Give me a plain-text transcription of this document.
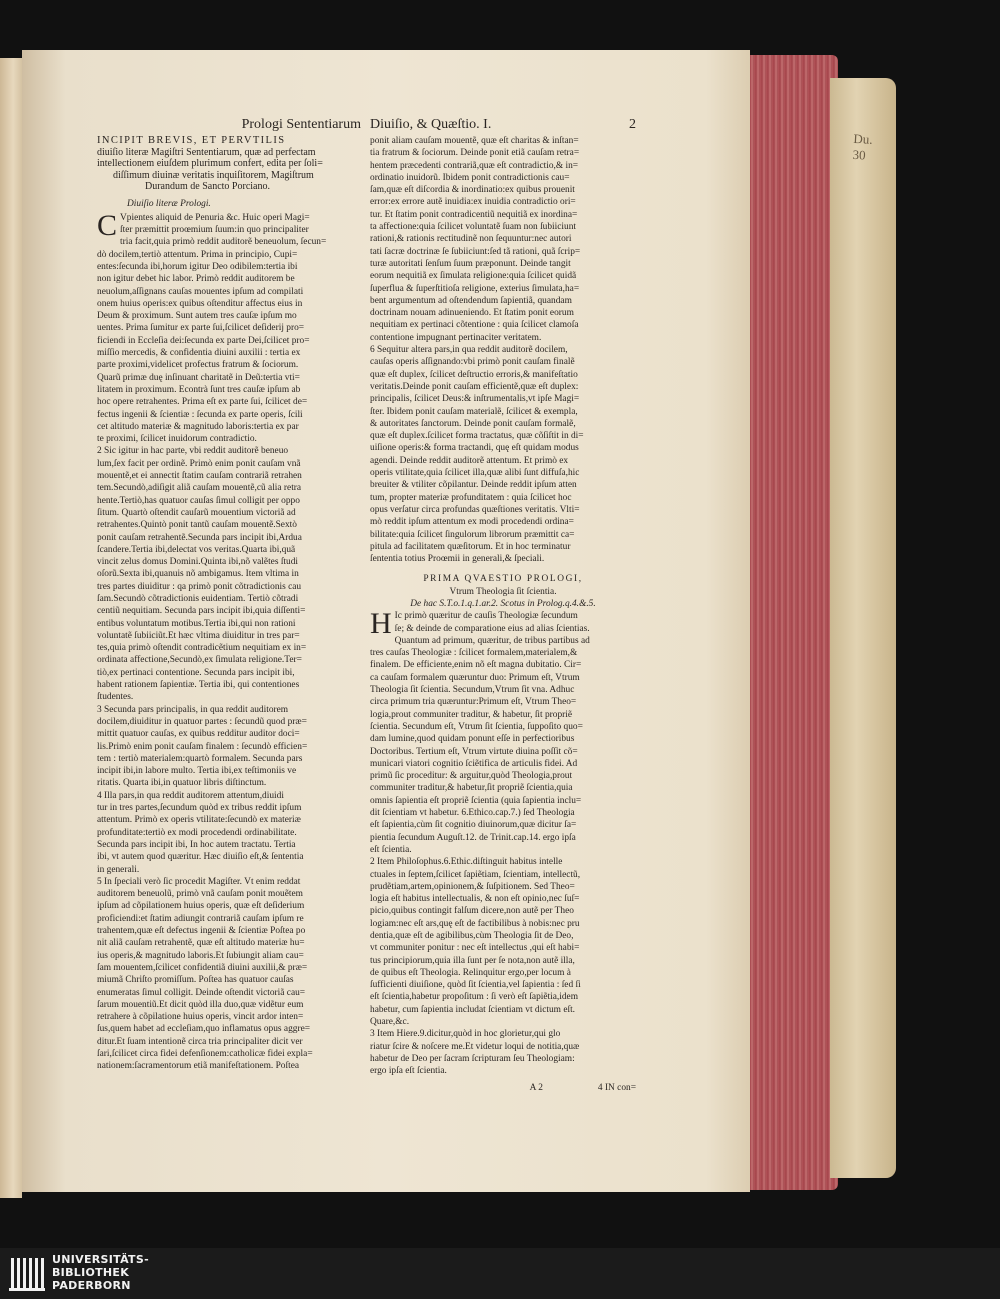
Du.
30
Prologi Sententiarum
INCIPIT BREVIS, ET PERVTILIS
diuiſio literæ Magiſtri Sententiarum, quæ ad perfectam
intellectionem eiuſdem plurimum confert, edita per ſoli=
diſſimum diuinæ veritatis inquiſitorem, Magiſtrum
Durandum de Sancto Porciano.
Diuiſio literæ Prologi.
C Vpientes aliquid de Penuria &c. Huic operi Magi=
ſter præmittit proœmium ſuum:in quo principaliter
tria facit,quia primò reddit auditorẽ beneuolum, ſecun=
dò docilem,tertiò attentum. Prima in principio, Cupi=
entes:ſecunda ibi,horum igitur Deo odibilem:tertia ibi
non igitur debet hic labor. Primò reddit auditorem be
neuolum,aſſignans cauſas mouentes ipſum ad compilati
onem huius operis:ex quibus oſtenditur affectus eius in
Deum & proximum. Sunt autem tres cauſæ ipſum mo
uentes. Prima ſumitur ex parte ſui,ſcilicet deſiderij pro=
ficiendi in Eccleſia dei:ſecunda ex parte Dei,ſcilicet pro=
miſſio mercedis, & confidentia diuini auxilii : tertia ex
parte proximi,videlicet profectus fratrum & ſociorum.
Quarũ primæ duę inſinuant charitatẽ in Deũ:tertia vti=
litatem in proximum. Econtrà ſunt tres cauſæ ipſum ab
hoc opere retrahentes. Prima eſt ex parte ſui, ſcilicet de=
fectus ingenii & ſcientiæ : ſecunda ex parte operis, ſcili
cet altitudo materiæ & magnitudo laboris:tertia ex par
te proximi, ſcilicet inuidorum contradictio.
2 Sic igitur in hac parte, vbi reddit auditorẽ beneuo
lum,ſex facit per ordinẽ. Primò enim ponit cauſam vnã
mouentẽ,et ei annectit ſtatim cauſam contrariã retrahen
tem.Secundò,adiſigit aliã cauſam mouentẽ,cũ alia retra
hente.Tertiò,has quatuor cauſas ſimul colligit per oppo
ſitum. Quartò oſtendit cauſarũ mouentium victoriã ad
retrahentes.Quintò ponit tantũ cauſam mouentẽ.Sextò
ponit cauſam retrahentẽ.Secunda pars incipit ibi,Ardua
ſcandere.Tertia ibi,delectat vos veritas.Quarta ibi,quã
vincit zelus domus Domini.Quinta ibi,nõ valẽtes ſtudi
oſorũ.Sexta ibi,quanuis nõ ambigamus. Item vltima in
tres partes diuiditur : qa primò ponit cõtradictionis cau
ſam.Secundò cõtradictionis euidentiam. Tertiò cõtradi
centiũ nequitiam. Secunda pars incipit ibi,quia diſſenti=
entibus voluntatum motibus.Tertia ibi,qui non rationi
voluntatẽ ſubiiciũt.Et hæc vltima diuiditur in tres par=
tes,quia primò oſtendit contradicẽtium nequitiam ex in=
ordinata affectione,Secundò,ex ſimulata religione.Ter=
tiò,ex pertinaci contentione. Secunda pars incipit ibi,
habent rationem ſapientiæ. Tertia ibi, qui contentiones
ſtudentes.
3 Secunda pars principalis, in qua reddit auditorem
docilem,diuiditur in quatuor partes : ſecundũ quod præ=
mittit quatuor cauſas, ex quibus redditur auditor doci=
lis.Primò enim ponit cauſam finalem : ſecundò efficien=
tem : tertiò materialem:quartò formalem. Secunda pars
incipit ibi,in labore multo. Tertia ibi,ex teſtimoniis ve
ritatis. Quarta ibi,in quatuor libris diſtinctum.
4 Illa pars,in qua reddit auditorem attentum,diuidi
tur in tres partes,ſecundum quòd ex tribus reddit ipſum
attentum. Primò ex operis vtilitate:ſecundò ex materiæ
profunditate:tertiò ex modi procedendi ordinabilitate.
Secunda pars incipit ibi, In hoc autem tractatu. Tertia
ibi, vt autem quod quæritur. Hæc diuiſio eſt,& ſententia
in generali.
5 In ſpeciali verò ſic procedit Magiſter. Vt enim reddat
auditorem beneuolũ, primò vnã cauſam ponit mouẽtem
ipſum ad cõpilationem huius operis, quæ eſt deſiderium
proficiendi:et ſtatim adiungit contrariã cauſam ipſum re
trahentem,quæ eſt defectus ingenii & ſcientiæ Poſtea po
nit aliã cauſam retrahentẽ, quæ eſt altitudo materiæ hu=
ius operis,& magnitudo laboris.Et ſubiungit aliam cau=
ſam mouentem,ſcilicet confidentiã diuini auxilii,& præ=
miumã Chriſto promiſſum. Poſtea has quatuor cauſas
enumeratas ſimul colligit. Deinde oſtendit victoriã cau=
ſarum mouentiũ.Et dicit quòd illa duo,quæ vidẽtur eum
retrahere à cõpilatione huius operis, vincit ardor inten=
ſus,quem habet ad eccleſiam,quo inflamatus opus aggre=
ditur.Et ſuam intentionẽ circa tria principaliter dicit ver
ſari,ſcilicet circa fidei defenſionem:catholicæ fidei expla=
nationem:ſacramentorum etiã manifeſtationem. Poſtea
Diuiſio, & Quæſtio. I.	2
ponit aliam cauſam mouentẽ, quæ eſt charitas & inſtan=
tia fratrum & ſociorum. Deinde ponit etiã cauſam retra=
hentem præcedenti contrariã,quæ eſt contradictio,& in=
ordinatio inuidorũ. Ibidem ponit contradictionis cau=
ſam,quæ eſt diſcordia & inordinatio:ex quibus prouenit
error:ex errore autẽ inuidia:ex inuidia contradictio ori=
tur. Et ſtatim ponit contradicentiũ nequitiã ex inordina=
ta affectione:quia ſcilicet voluntatẽ ſuam non ſubiiciunt
rationi,& rationis rectitudinẽ non ſequuntur:nec autori
tati ſacræ doctrinæ ſe ſubiiciunt:ſed tã rationi, quã ſcrip=
turæ autoritati ſenſum ſuum præponunt. Deinde tangit
eorum nequitiã ex ſimulata religione:quia ſcilicet quidã
ſuperflua & ſuperſtitioſa religione, exterius ſimulata,ha=
bent argumentum ad oſtendendum ſapientiã, quandam
doctrinam nouam adinueniendo. Et ſtatim ponit eorum
nequitiam ex pertinaci cõtentione : quia ſcilicet clamoſa
contentione impugnant pertinaciter veritatem.
6 Sequitur altera pars,in qua reddit auditorẽ docilem,
cauſas operis aſſignando:vbi primò ponit cauſam finalẽ
quæ eſt duplex, ſcilicet deſtructio erroris,& manifeſtatio
veritatis.Deinde ponit cauſam efficientẽ,quæ eſt duplex:
principalis, ſcilicet Deus:& inſtrumentalis,vt ipſe Magi=
ſter. Ibidem ponit cauſam materialẽ, ſcilicet & exempla,
& autoritates ſanctorum. Deinde ponit cauſam formalẽ,
quæ eſt duplex.ſcilicet forma tractatus, quæ cõſiſtit in di=
uiſione operis:& forma tractandi, quę eſt quidam modus
agendi. Deinde reddit auditorẽ attentum. Et primò ex
operis vtilitate,quia ſcilicet illa,quæ alibi ſunt diffuſa,hic
breuiter & vtiliter cõpilantur. Deinde reddit ipſum atten
tum, propter materiæ profunditatem : quia ſcilicet hoc
opus verſatur circa profundas quæſtiones veritatis. Vlti=
mò reddit ipſum attentum ex modi procedendi ordina=
bilitate:quia ſcilicet ſingulorum librorum præmittit ca=
pitula ad facilitatem quæſitorum. Et in hoc terminatur
ſententia totius Proœmii in generali,& ſpeciali.
PRIMA QVAESTIO PROLOGI,
Vtrum Theologia ſit ſcientia.
De hac S.T.o.1.q.1.ar.2. Scotus in Prolog.q.4.&.5.
H Ic primò quæritur de cauſis Theologiæ ſecundum
ſe; & deinde de comparatione eius ad alias ſcientias.
Quantum ad primum, quæritur, de tribus partibus ad
tres cauſas Theologiæ : ſcilicet formalem,materialem,&
finalem. De efficiente,enim nõ eſt magna dubitatio. Cir=
ca cauſam formalem quæruntur duo: Primum eſt, Vtrum
Theologia ſit ſcientia. Secundum,Vtrum ſit vna. Adhuc
circa primum tria quæruntur:Primum eſt, Vtrum Theo=
logia,prout communiter traditur, & habetur, ſit propriẽ
ſcientia. Secundum eſt, Vtrum ſit ſcientia, ſuppoſito quo=
dam lumine,quod quidam ponunt eſſe in perfectioribus
Doctoribus. Tertium eſt, Vtrum virtute diuina poſſit cõ=
municari viatori cognitio ſciẽtifica de articulis fidei. Ad
primũ ſic proceditur: & arguitur,quòd Theologia,prout
communiter traditur,& habetur,ſit propriẽ ſcientia,quia
omnis ſapientia eſt propriẽ ſcientia (quia ſapientia inclu=
dit ſcientiam vt habetur. 6.Ethico.cap.7.) ſed Theologia
eſt ſapientia,cùm ſit cognitio diuinorum,quæ dicitur ſa=
pientia ſecundum Auguſt.12. de Trinit.cap.14. ergo ipſa
eſt ſcientia.
2 Item Philoſophus.6.Ethic.diſtinguit habitus intelle
ctuales in ſeptem,ſcilicet ſapiẽtiam, ſcientiam, intellectũ,
prudẽtiam,artem,opinionem,& ſuſpitionem. Sed Theo=
logia eſt habitus intellectualis, & non eſt opinio,nec ſuſ=
picio,quibus contingit falſum dicere,non autẽ per Theo
logiam:nec eſt ars,quę eſt de factibilibus à nobis:nec pru
dentia,quæ eſt de agibilibus,cùm Theologia ſit de Deo,
vt communiter ponitur : nec eſt intellectus ,qui eſt habi=
tus principiorum,quia illa ſunt per ſe nota,non autẽ illa,
de quibus eſt Theologia. Relinquitur ergo,per locum à
ſufficienti diuiſione, quòd ſit ſcientia,vel ſapientia : ſed ſi
eſt ſcientia,habetur propoſitum : ſi verò eſt ſapiẽtia,idem
habetur, cum ſapientia includat ſcientiam vt dictum eſt.
Quare,&c.
3 Item Hiere.9.dicitur,quòd in hoc glorietur,qui glo
riatur ſcire & noſcere me.Et videtur loqui de notitia,quæ
habetur de Deo per ſacram ſcripturam ſeu Theologiam:
ergo ipſa eſt ſcientia.
A 2	4 IN con=
UNIVERSITÄTS-
BIBLIOTHEK
PADERBORN
